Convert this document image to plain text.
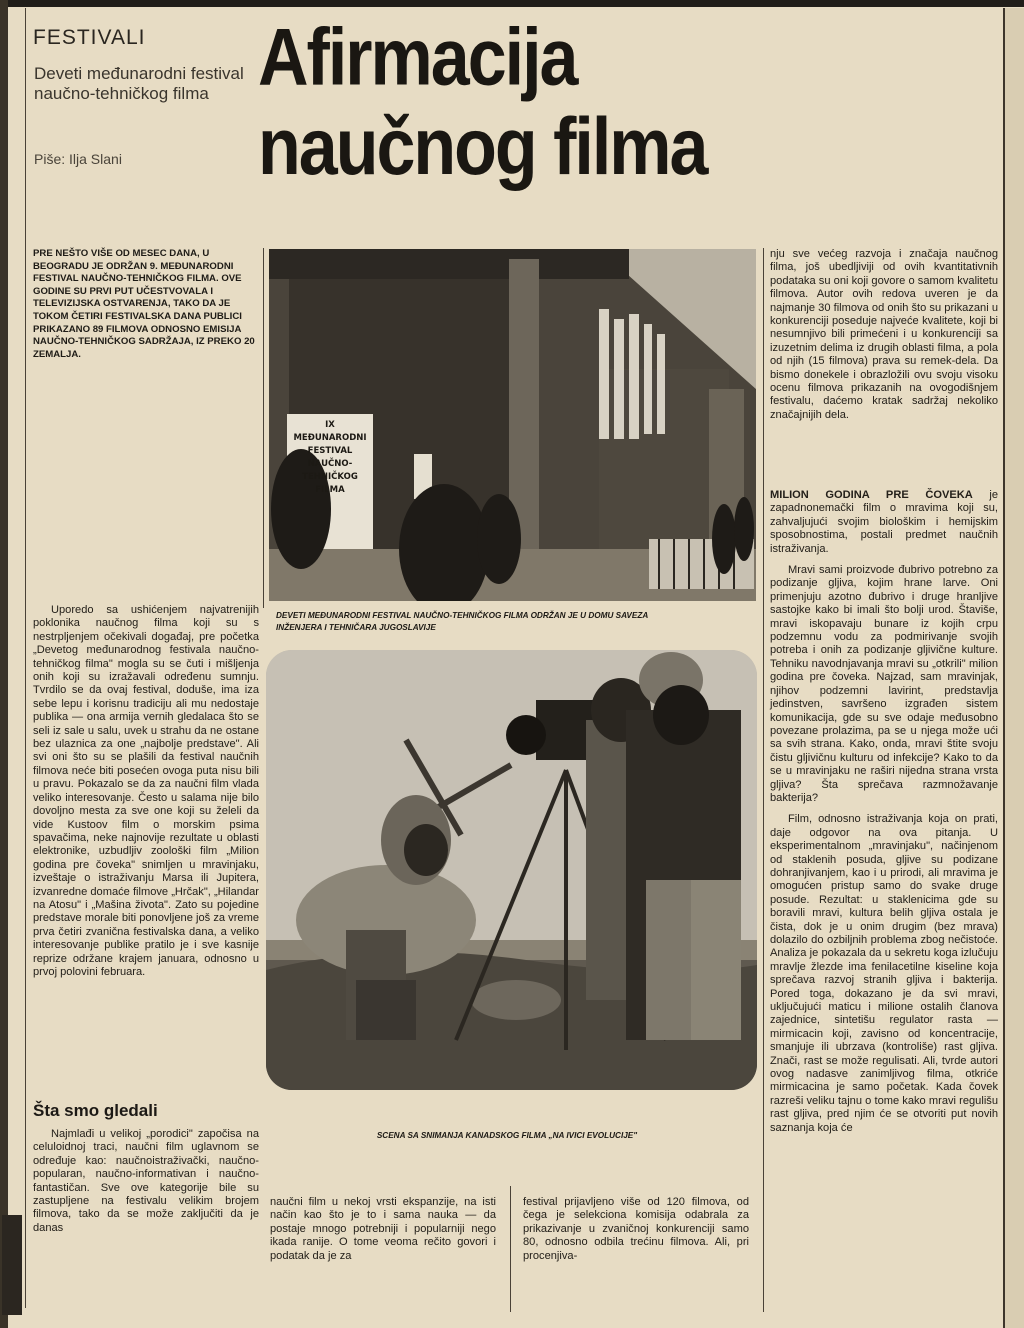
FESTIVALI
Deveti međunarodni festival naučno-tehničkog filma
Piše: Ilja Slani
Afirmacija
naučnog filma
PRE NEŠTO VIŠE OD MESEC DANA, U BEOGRADU JE ODRŽAN 9. MEĐUNARODNI FESTIVAL NAUČNO-TEHNIČKOG FILMA. OVE GODINE SU PRVI PUT UČESTVOVALA I TELEVIZIJSKA OSTVARENJA, TAKO DA JE TOKOM ČETIRI FESTIVALSKA DANA PUBLICI PRIKAZANO 89 FILMOVA ODNOSNO EMISIJA NAUČNO-TEHNIČKOG SADRŽAJA, IZ PREKO 20 ZEMALJA.
IX MEĐUNARODNI
FESTIVAL
NAUČNO-TEHNIČKOG
FILMA
DEVETI MEĐUNARODNI FESTIVAL NAUČNO-TEHNIČKOG FILMA ODRŽAN JE U DOMU SAVEZA INŽENJERA I TEHNIČARA JUGOSLAVIJE
SCENA SA SNIMANJA KANADSKOG FILMA „NA IVICI EVOLUCIJE"

Uporedo sa ushićenjem najvatrenijih poklonika naučnog filma koji su s nestrpljenjem očekivali događaj, pre početka „Devetog međunarodnog festivala naučno-tehničkog filma" mogla su se čuti i mišljenja onih koji su izražavali određenu sumnju. Tvrdilo se da ovaj festival, doduše, ima iza sebe lepu i korisnu tradiciju ali mu nedostaje publika — ona armija vernih gledalaca što se seli iz sale u salu, uvek u strahu da ne ostane bez ulaznica za one „najbolje predstave". Ali svi oni što su se plašili da festival naučnih filmova neće biti posećen ovoga puta nisu bili u pravu. Pokazalo se da za naučni film vlada veliko interesovanje. Često u salama nije bilo dovoljno mesta za sve one koji su želeli da vide Kustoov film o morskim psima spavačima, neke najnovije rezultate u oblasti elektronike, uzbudljiv zoološki film „Milion godina pre čoveka" snimljen u mravinjaku, izveštaje o istraživanju Marsa ili Jupitera, izvanredne domaće filmove „Hrčak", „Hilandar na Atosu" i „Mašina života". Zato su pojedine predstave morale biti ponovljene još za vreme prva četiri zvanična festivalska dana, a veliko interesovanje publike pratilo je i sve kasnije reprize održane krajem januara, odnosno u prvoj polovini februara.

Šta smo gledali

Najmlađi u velikoj „porodici" započisa na celuloidnoj traci, naučni film uglavnom se određuje kao: naučnoistraživački, naučno-popularan, naučno-informativan i naučno-fantastičan. Sve ove kategorije bile su zastupljene na festivalu velikim brojem filmova, tako da se može zaključiti da je danas

naučni film u nekoj vrsti ekspanzije, na isti način kao što je to i sama nauka — da postaje mnogo potrebniji i popularniji nego ikada ranije. O tome veoma rečito govori i podatak da je za

festival prijavljeno više od 120 filmova, od čega je selekciona komisija odabrala za prikazivanje u zvaničnoj konkurenciji samo 80, odnosno odbila trećinu filmova. Ali, pri procenjiva-

nju sve većeg razvoja i značaja naučnog filma, još ubedljiviji od ovih kvantitativnih podataka su oni koji govore o samom kvalitetu filmova. Autor ovih redova uveren je da najmanje 30 filmova od onih što su prikazani u konkurenciji poseduje najveće kvalitete, koji bi nesumnjivo bili primećeni i u konkurenciji sa izuzetnim delima iz drugih oblasti filma, a pola od njih (15 filmova) prava su remek-dela. Da bismo donekele i obrazložili ovu svoju visoku ocenu filmova prikazanih na ovogodišnjem festivalu, dаćemo kratak sadržaj nekoliko značajnijih dela.

MILION GODINA PRE ČOVEKA je zapadnonemački film o mravima koji su, zahvaljujući svojim biološkim i hemijskim sposobnostima, postali predmet naučnih istraživanja.

Mravi sami proizvode đubrivo potrebno za podizanje gljiva, kojim hrane larve. Oni primenjuju azotno đubrivo i druge hranljive sastojke kako bi imali što bolji urod. Štaviše, mravi iskopavaju bunare iz kojih crpu podzemnu vodu za podmirivanje svojih potreba i onih za podizanje gljivične kulture. Tehniku navodnjavanja mravi su „otkrili" milion godina pre čoveka. Najzad, sam mravinjak, njihov podzemni lavirint, predstavlja jedinstven, savršeno izgrađen sistem komunikacija, gde su sve odaje međusobno povezane prolazima, pa se u njega može ući sa svih strana. Kako, onda, mravi štite svoju čistu gljivičnu kulturu od infekcije? Kako to da se u mravinjaku ne raširi nijedna strana vrsta gljiva? Šta sprečava razmnožavanje bakterija?

Film, odnosno istraživanja koja on prati, daje odgovor na ova pitanja. U eksperimentalnom „mravinjaku", načinjenom od staklenih posuda, gljive su podizane dohranjivanjem, kao i u prirodi, ali mravima je omogućen pristup samo do svake druge posude. Rezultat: u staklenicima gde su boravili mravi, kultura belih gljiva ostala je čista, dok je u onim drugim (bez mrava) dolazilo do ozbiljnih problema zbog nečistoće. Analiza je pokazala da u sekretu koga izlučuju mravlje žlezde ima fenilacetilne kiseline koja sprečava razvoj stranih gljiva i bakterija. Pored toga, dokazano je da svi mravi, uključujući maticu i milione ostalih članova zajednice, sintetišu regulator rasta — mirmicacin koji, zavisno od koncentracije, smanjuje ili ubrzava (kontroliše) rast gljiva. Znači, rast se može regulisati. Ali, tvrde autori ovog nadasve zanimljivog filma, otkriće mirmicacina je samo početak. Kada čovek razreši veliku tajnu o tome kako mravi regulišu rast gljiva, pred njim će se otvoriti put novih saznanja koja će
